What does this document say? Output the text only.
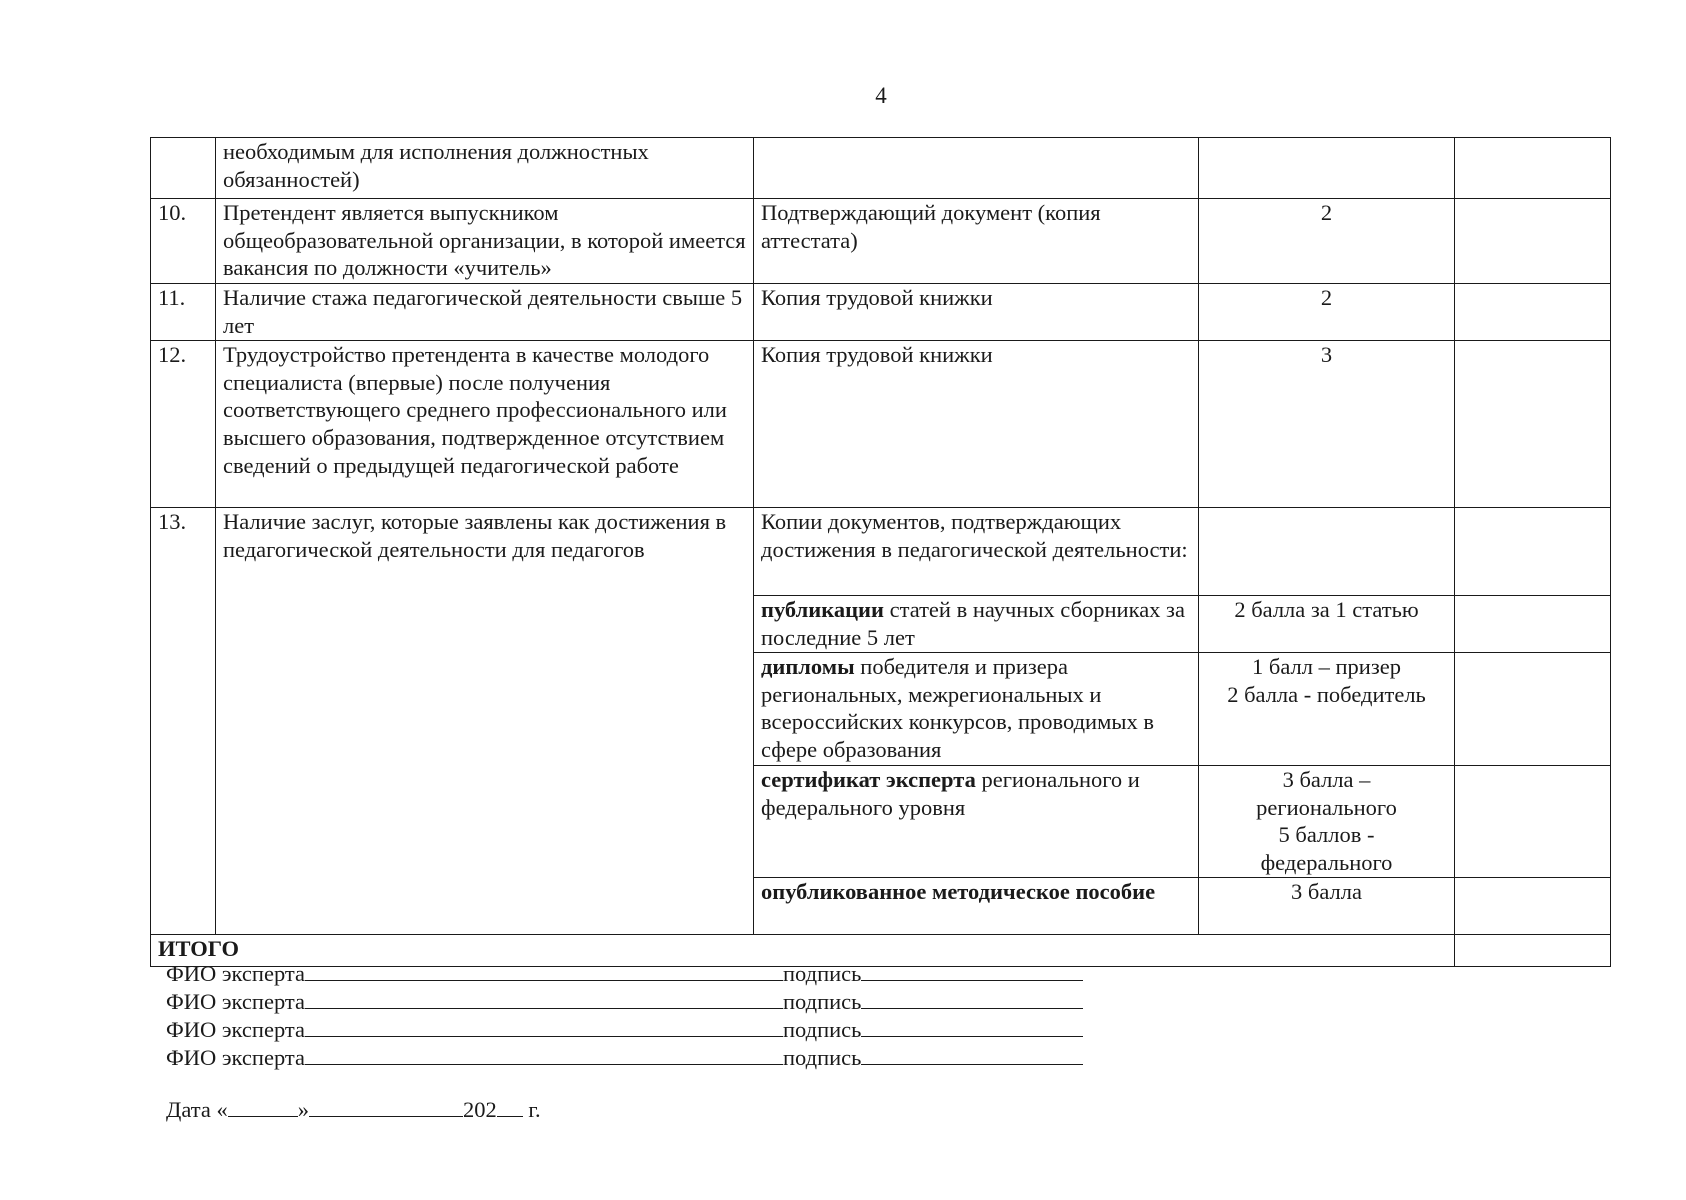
4
	необходимым для исполнения должностных обязанностей)			
10.	Претендент является выпускником общеобразовательной организации, в которой имеется вакансия по должности «учитель»	Подтверждающий документ (копия аттестата)	2	
11.	Наличие стажа педагогической деятельности свыше 5 лет	Копия трудовой книжки	2	
12.	Трудоустройство претендента в качестве молодого специалиста (впервые) после получения соответствующего среднего профессионального или высшего образования, подтвержденное отсутствием сведений о предыдущей педагогической работе	Копия трудовой книжки	3	
13.	Наличие заслуг, которые заявлены как достижения в педагогической деятельности для педагогов	Копии документов, подтверждающих достижения в педагогической деятельности:		
		публикации статей в научных сборниках за последние 5 лет	2 балла за 1 статью	

		дипломы победителя и призера региональных, межрегиональных и всероссийских конкурсов, проводимых в сфере образования	1 балл – призер
2 балла - победитель	

		сертификат эксперта регионального и федерального уровня	3 балла –
регионального
5 баллов -
федерального	

		опубликованное методическое пособие	3 балла	

ИТОГО				
ФИО эксперта	подпись
ФИО эксперта	подпись
ФИО эксперта	подпись
ФИО эксперта	подпись
Дата «	»	202 г.
